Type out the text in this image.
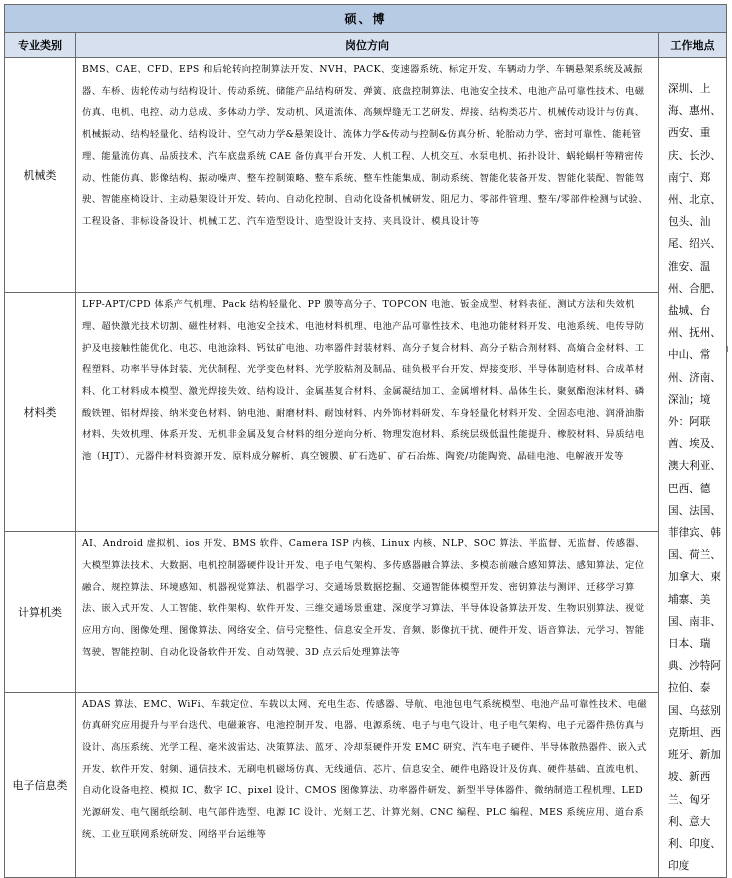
硕、博		
专业类别	岗位方向	工作地点
机械类	BMS、CAE、CFD、EPS 和后轮转向控制算法开发、NVH、PACK、变速器系统、标定开发、车辆动力学、车辆悬架系统及减振器、车桥、齿轮传动与结构设计、传动系统、储能产品结构研发、弹簧、底盘控制算法、电池安全技术、电池产品可靠性技术、电磁仿真、电机、电控、动力总成、多体动力学、发动机、风道流体、高频焊缝无工艺研发、焊接、结构类芯片、机械传动设计与仿真、机械振动、结构轻量化、结构设计、空气动力学&悬架设计、流体力学&传动与控制&仿真分析、轮胎动力学、密封可靠性、能耗管理、能量流仿真、品质技术、汽车底盘系统 CAE 备仿真平台开发、人机工程、人机交互、水泵电机、拓扑设计、蜗轮蜗杆等精密传动、性能仿真、影像结构、振动噪声、整车控制策略、整车系统、整车性能集成、制动系统、智能化装备开发、智能化装配、智能驾驶、智能座椅设计、主动悬架设计开发、转向、自动化控制、自动化设备机械研发、阻尼力、零部件管理、整车/零部件检测与试验、工程设备、非标设备设计、机械工艺、汽车造型设计、造型设计支持、夹具设计、模具设计等	深圳、上海、惠州、西安、重庆、长沙、南宁、郑州、北京、包头、汕尾、绍兴、淮安、温州、合肥、盐城、台州、抚州、中山、常州、济南、深汕；境外：阿联酋、埃及、澳大利亚、巴西、德国、法国、菲律宾、韩国、荷兰、加拿大、柬埔寨、美国、南非、日本、瑞典、沙特阿拉伯、泰国、乌兹别克斯坦、西班牙、新加坡、新西兰、匈牙利、意大利、印度、印度
材料类	LFP-APT/CPD 体系产气机理、Pack 结构轻量化、PP 膜等高分子、TOPCON 电池、钣金成型、材料表征、测试方法和失效机理、超快激光技术切割、磁性材料、电池安全技术、电池材料机理、电池产品可靠性技术、电池功能材料开发、电池系统、电传导防护及电接触性能优化、电芯、电池涂料、钙钛矿电池、功率器件封装材料、高分子复合材料、高分子粘合剂材料、高熵合金材料、工程塑料、功率半导体封装、光伏制程、光学变色材料、光学胶粘剂及制品、硅负极平台开发、焊接变形、半导体制造材料、合成革材料、化工材料成本模型、激光焊接失效、结构设计、金属基复合材料、金属凝结加工、金属增材料、晶体生长、聚氨酯泡沫材料、磷酸铁锂、铝材焊接、纳米变色材料、钠电池、耐磨材料、耐蚀材料、内外饰材料研发、车身轻量化材料开发、全固态电池、润滑油脂材料、失效机理、体系开发、无机非金属及复合材料的组分逆向分析、物理发泡材料、系统层级低温性能提升、橡胶材料、异质结电池（HJT）、元器件材料资源开发、原料成分解析、真空镀膜、矿石选矿、矿石冶炼、陶瓷/功能陶瓷、晶硅电池、电解液开发等	
计算机类	AI、Android 虚拟机、ios 开发、BMS 软件、Camera ISP 内核、Linux 内核、NLP、SOC 算法、半监督、无监督、传感器、大模型算法技术、大数据、电机控制器硬件设计开发、电子电气架构、多传感器融合算法、多模态前融合感知算法、感知算法、定位融合、规控算法、环境感知、机器视觉算法、机器学习、交通场景数据挖掘、交通智能体模型开发、密钥算法与测评、迁移学习算法、嵌入式开发、人工智能、软件架构、软件开发、三维交通场景重建、深度学习算法、半导体设备算法开发、生物识别算法、视觉应用方向、图像处理、图像算法、网络安全、信号完整性、信息安全开发、音频、影像抗干扰、硬件开发、语音算法、元学习、智能驾驶、智能控制、自动化设备软件开发、自动驾驶、3D 点云后处理算法等	
电子信息类	ADAS 算法、EMC、WiFi、车载定位、车载以太网、充电生态、传感器、导航、电池包电气系统模型、电池产品可靠性技术、电磁仿真研究应用提升与平台迭代、电磁兼容、电池控制开发、电器、电源系统、电子与电气设计、电子电气架构、电子元器件热仿真与设计、高压系统、光学工程、毫米波雷达、决策算法、蓝牙、冷却泵硬件开发 EMC 研究、汽车电子硬件、半导体散热器件、嵌入式开发、软件开发、射频、通信技术、无刷电机磁场仿真、无线通信、芯片、信息安全、硬件电路设计及仿真、硬件基础、直流电机、自动化设备电控、模拟 IC、数字 IC、pixel 设计、CMOS 图像算法、功率器件研发、新型半导体器件、微纳制造工程机理、LED 光源研发、电气图纸绘制、电气部件选型、电源 IC 设计、光刻工艺、计算光刻、CNC 编程、PLC 编程、MES 系统应用、道台系统、工业互联网系统研发、网络平台运维等	
